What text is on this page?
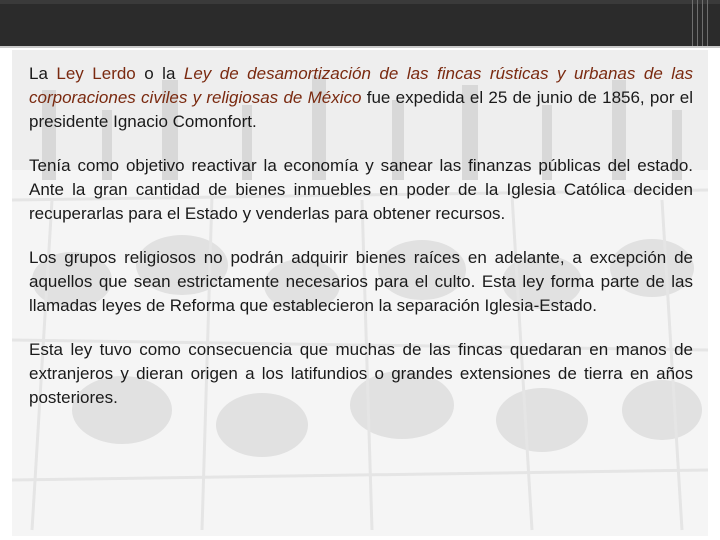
La Ley Lerdo o la Ley de desamortización de las fincas rústicas y urbanas de las corporaciones civiles y religiosas de México fue expedida el 25 de junio de 1856, por el presidente Ignacio Comonfort.

Tenía como objetivo reactivar la economía y sanear las finanzas públicas del estado. Ante la gran cantidad de bienes inmuebles en poder de la Iglesia Católica deciden recuperarlas para el Estado y venderlas para obtener recursos.

Los grupos religiosos no podrán adquirir bienes raíces en adelante, a excepción de aquellos que sean estrictamente necesarios para el culto. Esta ley forma parte de las llamadas leyes de Reforma que establecieron la separación Iglesia-Estado.

Esta ley tuvo como consecuencia que muchas de las fincas quedaran en manos de extranjeros y dieran origen a los latifundios o grandes extensiones de tierra en años posteriores.
